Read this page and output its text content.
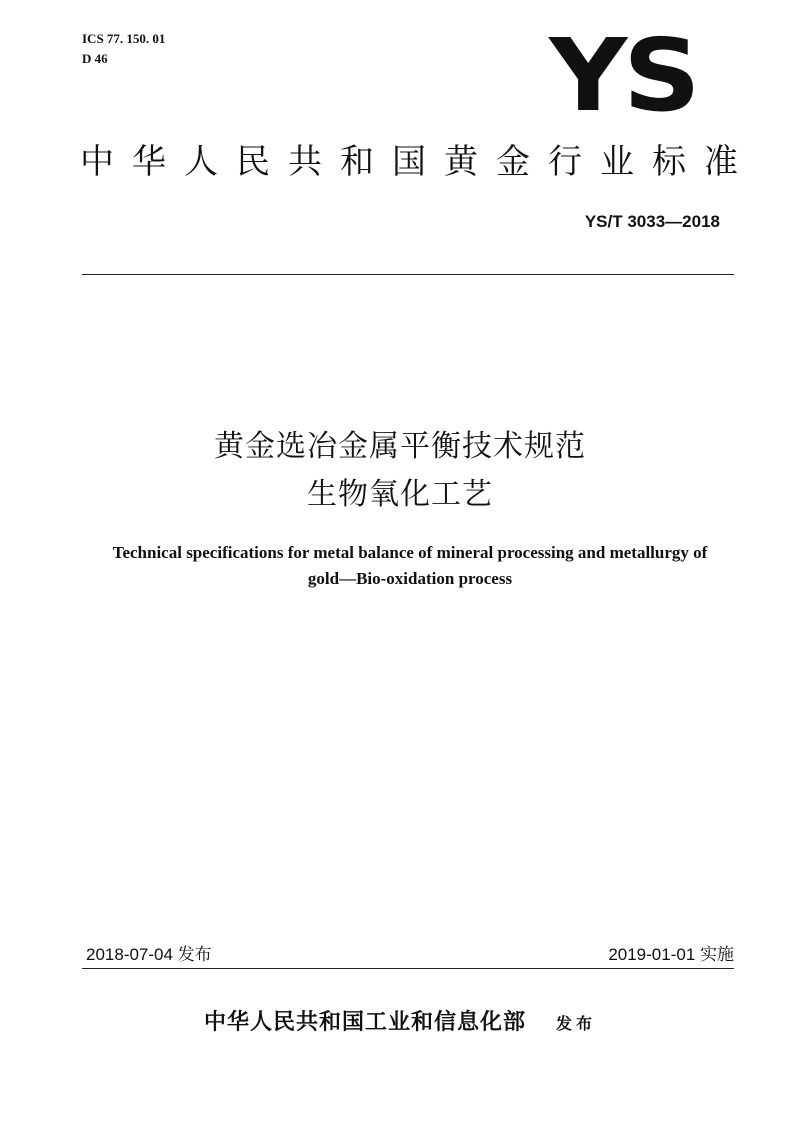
ICS 77. 150. 01
D 46	YS
中华人民共和国黄金行业标准
YS/T 3033—2018
黄金选冶金属平衡技术规范
生物氧化工艺
Technical specifications for metal balance of mineral processing and metallurgy of gold—Bio-oxidation process
2018-07-04 发布	2019-01-01 实施
中华人民共和国工业和信息化部 发布
